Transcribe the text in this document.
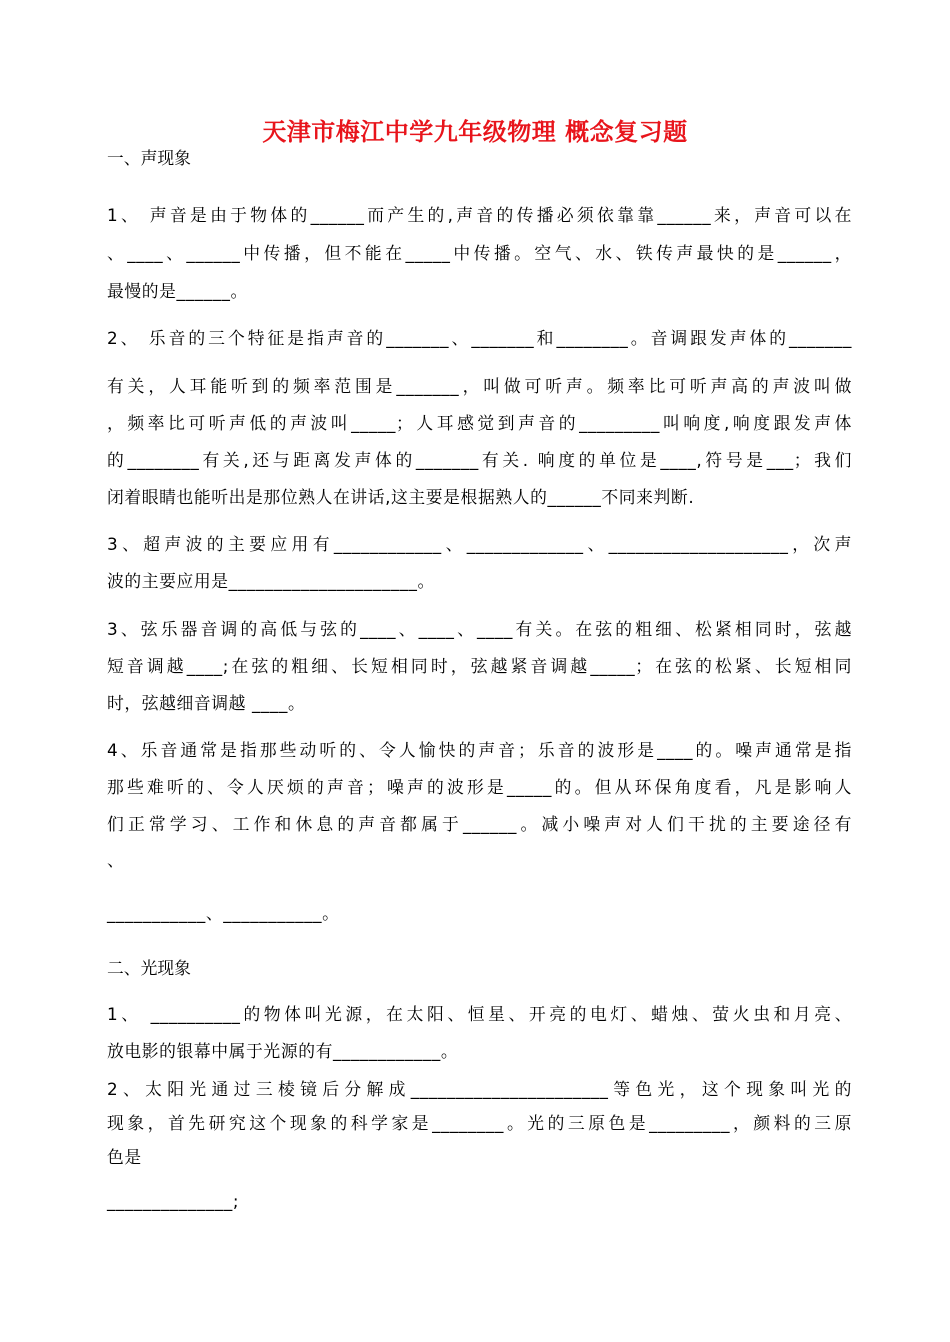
天津市梅江中学九年级物理 概念复习题
一、声现象
1、 声音是由于物体的______而产生的,声音的传播必须依靠靠______来，声音可以在
、____、______中传播，但不能在_____中传播。空气、水、铁传声最快的是______，
最慢的是______。
2、 乐音的三个特征是指声音的_______、_______和________。音调跟发声体的_______
有关，人耳能听到的频率范围是_______，叫做可听声。频率比可听声高的声波叫做
，频率比可听声低的声波叫_____；人耳感觉到声音的_________叫响度,响度跟发声体
的________有关,还与距离发声体的_______有关. 响度的单位是____,符号是___；我们
闭着眼睛也能听出是那位熟人在讲话,这主要是根据熟人的______不同来判断.
3、超声波的主要应用有____________、_____________、____________________，次声
波的主要应用是_____________________。
3、弦乐器音调的高低与弦的____、____、____有关。在弦的粗细、松紧相同时，弦越
短音调越____;在弦的粗细、长短相同时，弦越紧音调越_____；在弦的松紧、长短相同
时，弦越细音调越 ____。
4、乐音通常是指那些动听的、令人愉快的声音；乐音的波形是____的。噪声通常是指
那些难听的、令人厌烦的声音；噪声的波形是_____的。但从环保角度看，凡是影响人
们正常学习、工作和休息的声音都属于______。减小噪声对人们干扰的主要途径有
、
___________、___________。
二、光现象
1、 __________的物体叫光源，在太阳、恒星、开亮的电灯、蜡烛、萤火虫和月亮、
放电影的银幕中属于光源的有____________。
2、太阳光通过三棱镜后分解成______________________等色光，这个现象叫光的
现象，首先研究这个现象的科学家是________。光的三原色是_________，颜料的三原
色是
______________;
